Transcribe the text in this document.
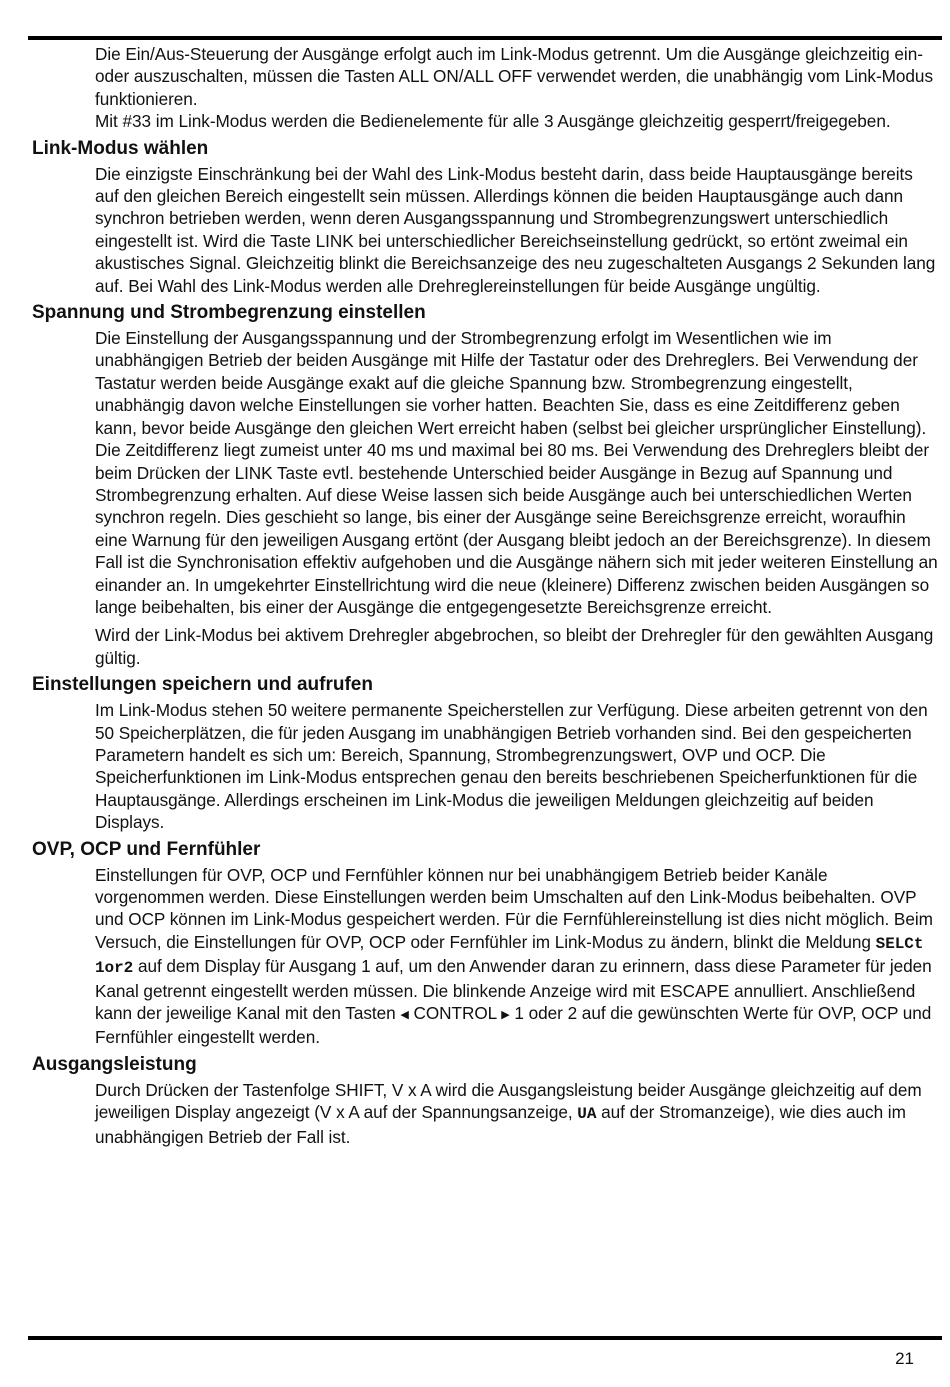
Die Ein/Aus-Steuerung der Ausgänge erfolgt auch im Link-Modus getrennt. Um die Ausgänge gleichzeitig ein- oder auszuschalten, müssen die Tasten ALL ON/ALL OFF verwendet werden, die unabhängig vom Link-Modus funktionieren.

Mit #33 im Link-Modus werden die Bedienelemente für alle 3 Ausgänge gleichzeitig gesperrt/freigegeben.

Link-Modus wählen

Die einzigste Einschränkung bei der Wahl des Link-Modus besteht darin, dass beide Hauptausgänge bereits auf den gleichen Bereich eingestellt sein müssen. Allerdings können die beiden Hauptausgänge auch dann synchron betrieben werden, wenn deren Ausgangsspannung und Strombegrenzungswert unterschiedlich eingestellt ist. Wird die Taste LINK bei unterschiedlicher Bereichseinstellung gedrückt, so ertönt zweimal ein akustisches Signal. Gleichzeitig blinkt die Bereichsanzeige des neu zugeschalteten Ausgangs 2 Sekunden lang auf. Bei Wahl des Link-Modus werden alle Drehreglereinstellungen für beide Ausgänge ungültig.

Spannung und Strombegrenzung einstellen

Die Einstellung der Ausgangsspannung und der Strombegrenzung erfolgt im Wesentlichen wie im unabhängigen Betrieb der beiden Ausgänge mit Hilfe der Tastatur oder des Drehreglers. Bei Verwendung der Tastatur werden beide Ausgänge exakt auf die gleiche Spannung bzw. Strombegrenzung eingestellt, unabhängig davon welche Einstellungen sie vorher hatten. Beachten Sie, dass es eine Zeitdifferenz geben kann, bevor beide Ausgänge den gleichen Wert erreicht haben (selbst bei gleicher ursprünglicher Einstellung). Die Zeitdifferenz liegt zumeist unter 40 ms und maximal bei 80 ms. Bei Verwendung des Drehreglers bleibt der beim Drücken der LINK Taste evtl. bestehende Unterschied beider Ausgänge in Bezug auf Spannung und Strombegrenzung erhalten. Auf diese Weise lassen sich beide Ausgänge auch bei unterschiedlichen Werten synchron regeln. Dies geschieht so lange, bis einer der Ausgänge seine Bereichsgrenze erreicht, woraufhin eine Warnung für den jeweiligen Ausgang ertönt (der Ausgang bleibt jedoch an der Bereichsgrenze). In diesem Fall ist die Synchronisation effektiv aufgehoben und die Ausgänge nähern sich mit jeder weiteren Einstellung an einander an. In umgekehrter Einstellrichtung wird die neue (kleinere) Differenz zwischen beiden Ausgängen so lange beibehalten, bis einer der Ausgänge die entgegengesetzte Bereichsgrenze erreicht.

Wird der Link-Modus bei aktivem Drehregler abgebrochen, so bleibt der Drehregler für den gewählten Ausgang gültig.

Einstellungen speichern und aufrufen

Im Link-Modus stehen 50 weitere permanente Speicherstellen zur Verfügung. Diese arbeiten getrennt von den 50 Speicherplätzen, die für jeden Ausgang im unabhängigen Betrieb vorhanden sind. Bei den gespeicherten Parametern handelt es sich um: Bereich, Spannung, Strombegrenzungswert, OVP und OCP. Die Speicherfunktionen im Link-Modus entsprechen genau den bereits beschriebenen Speicherfunktionen für die Hauptausgänge. Allerdings erscheinen im Link-Modus die jeweiligen Meldungen gleichzeitig auf beiden Displays.

OVP, OCP und Fernfühler

Einstellungen für OVP, OCP und Fernfühler können nur bei unabhängigem Betrieb beider Kanäle vorgenommen werden. Diese Einstellungen werden beim Umschalten auf den Link-Modus beibehalten. OVP und OCP können im Link-Modus gespeichert werden. Für die Fernfühlereinstellung ist dies nicht möglich. Beim Versuch, die Einstellungen für OVP, OCP oder Fernfühler im Link-Modus zu ändern, blinkt die Meldung SELCt 1or2 auf dem Display für Ausgang 1 auf, um den Anwender daran zu erinnern, dass diese Parameter für jeden Kanal getrennt eingestellt werden müssen. Die blinkende Anzeige wird mit ESCAPE annulliert. Anschließend kann der jeweilige Kanal mit den Tasten ◀ CONTROL ▶ 1 oder 2 auf die gewünschten Werte für OVP, OCP und Fernfühler eingestellt werden.

Ausgangsleistung

Durch Drücken der Tastenfolge SHIFT, V x A wird die Ausgangsleistung beider Ausgänge gleichzeitig auf dem jeweiligen Display angezeigt (V x A auf der Spannungsanzeige, UA auf der Stromanzeige), wie dies auch im unabhängigen Betrieb der Fall ist.

21
